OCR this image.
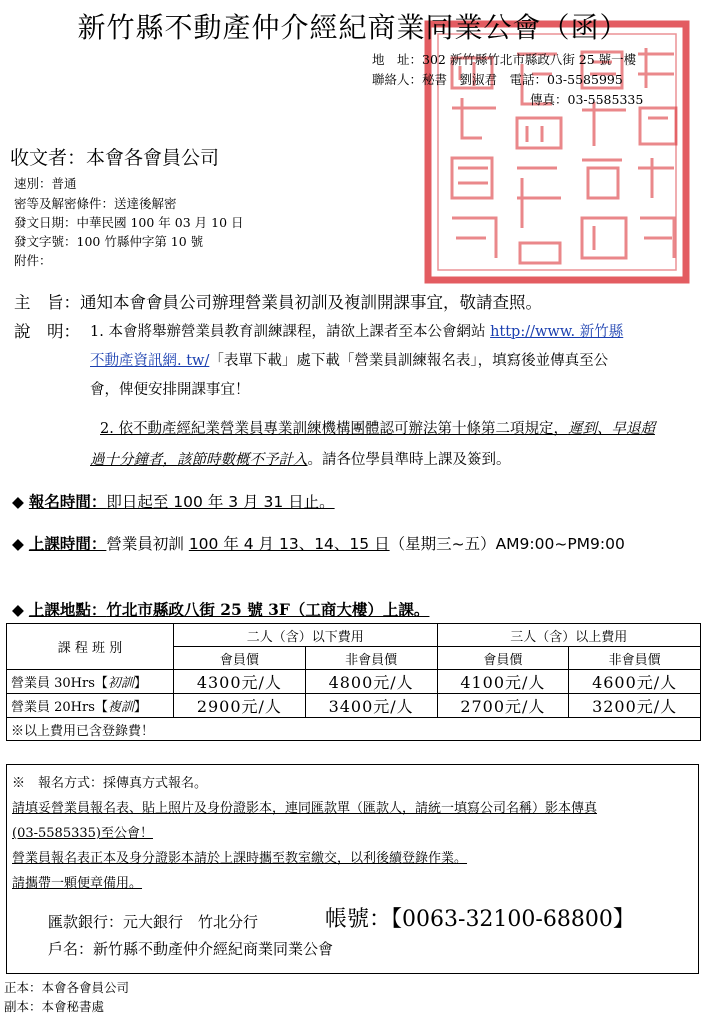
新竹縣不動產仲介經紀商業同業公會（函）
地　址：302 新竹縣竹北市縣政八街 25 號一樓
聯絡人：秘書　劉淑君　電話：03-5585995
傳真：03-5585335
收文者：本會各會員公司
速別：普通
密等及解密條件：送達後解密
發文日期：中華民國 100 年 03 月 10 日
發文字號：100 竹縣仲字第 10 號
附件：
主　旨：通知本會會員公司辦理營業員初訓及複訓開課事宜，敬請查照。
說　明： 1. 本會將舉辦營業員教育訓練課程，請欲上課者至本公會網站 http://www. 新竹縣
不動產資訊網. tw/「表單下載」處下載「營業員訓練報名表」，填寫後並傳真至公
會，俾便安排開課事宜！
2. 依不動產經紀業營業員專業訓練機構團體認可辦法第十條第二項規定，遲到、早退超
過十分鐘者，該節時數概不予計入。請各位學員準時上課及簽到。
◆ 報名時間：即日起至 100 年 3 月 31 日止。
◆ 上課時間：營業員初訓 100 年 4 月 13、14、15 日（星期三~五）AM9:00~PM9:00
◆ 上課地點：竹北市縣政八街 25 號 3F（工商大樓）上課。
課 程 班 別	二人（含）以下費用		三人（含）以上費用	
	會員價	非會員價	會員價	非會員價
營業員 30Hrs【初訓】	4300元/人	4800元/人	4100元/人	4600元/人
營業員 20Hrs【複訓】	2900元/人	3400元/人	2700元/人	3200元/人
※以上費用已含登錄費！				
※　報名方式：採傳真方式報名。
請填妥營業員報名表、貼上照片及身份證影本，連同匯款單（匯款人，請統一填寫公司名稱）影本傳真
(03-5585335)至公會！
營業員報名表正本及身分證影本請於上課時攜至教室繳交，以利後續登錄作業。
請攜帶一顆便章備用。
匯款銀行：元大銀行　竹北分行	帳號：【0063-32100-68800】
戶名：新竹縣不動產仲介經紀商業同業公會
正本：本會各會員公司
副本：本會秘書處
